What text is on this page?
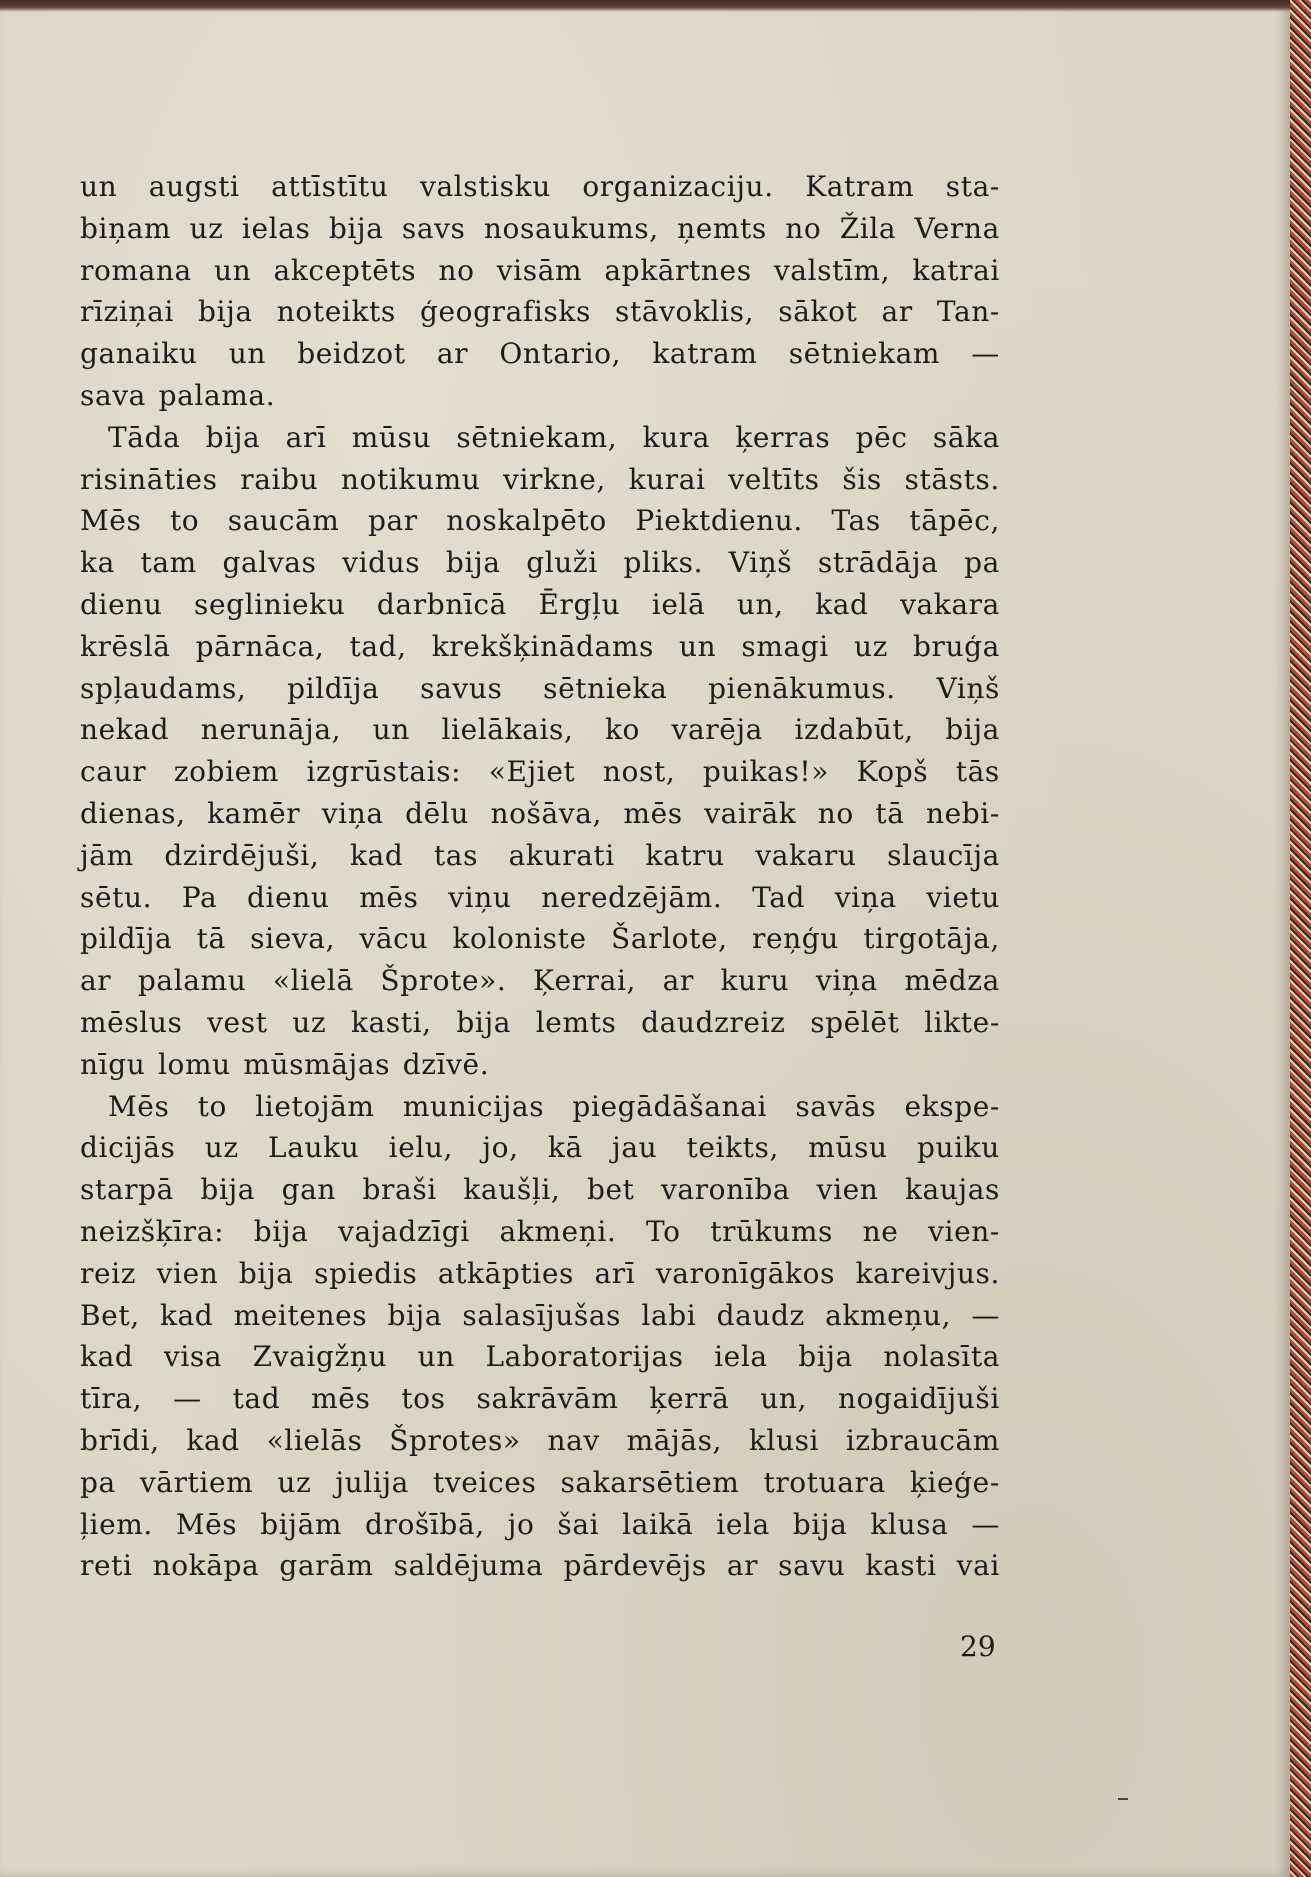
un augsti attīstītu valstisku organizaciju. Katram sta-
biņam uz ielas bija savs nosaukums, ņemts no Žila Verna
romana un akceptēts no visām apkārtnes valstīm, katrai
rīziņai bija noteikts ģeografisks stāvoklis, sākot ar Tan-
ganaiku un beidzot ar Ontario, katram sētniekam —
sava palama.
Tāda bija arī mūsu sētniekam, kura ķerras pēc sāka
risināties raibu notikumu virkne, kurai veltīts šis stāsts.
Mēs to saucām par noskalpēto Piektdienu. Tas tāpēc,
ka tam galvas vidus bija gluži pliks. Viņš strādāja pa
dienu seglinieku darbnīcā Ērgļu ielā un, kad vakara
krēslā pārnāca, tad, krekšķinādams un smagi uz bruģa
spļaudams, pildīja savus sētnieka pienākumus. Viņš
nekad nerunāja, un lielākais, ko varēja izdabūt, bija
caur zobiem izgrūstais: «Ejiet nost, puikas!» Kopš tās
dienas, kamēr viņa dēlu nošāva, mēs vairāk no tā nebi-
jām dzirdējuši, kad tas akurati katru vakaru slaucīja
sētu. Pa dienu mēs viņu neredzējām. Tad viņa vietu
pildīja tā sieva, vācu koloniste Šarlote, reņģu tirgotāja,
ar palamu «lielā Šprote». Ķerrai, ar kuru viņa mēdza
mēslus vest uz kasti, bija lemts daudzreiz spēlēt likte-
nīgu lomu mūsmājas dzīvē.
Mēs to lietojām municijas piegādāšanai savās ekspe-
dicijās uz Lauku ielu, jo, kā jau teikts, mūsu puiku
starpā bija gan braši kaušļi, bet varonība vien kaujas
neizšķīra: bija vajadzīgi akmeņi. To trūkums ne vien-
reiz vien bija spiedis atkāpties arī varonīgākos kareivjus.
Bet, kad meitenes bija salasījušas labi daudz akmeņu, —
kad visa Zvaigžņu un Laboratorijas iela bija nolasīta
tīra, — tad mēs tos sakrāvām ķerrā un, nogaidījuši
brīdi, kad «lielās Šprotes» nav mājās, klusi izbraucām
pa vārtiem uz julija tveices sakarsētiem trotuara ķieģe-
ļiem. Mēs bijām drošībā, jo šai laikā iela bija klusa —
reti nokāpa garām saldējuma pārdevējs ar savu kasti vai
29
